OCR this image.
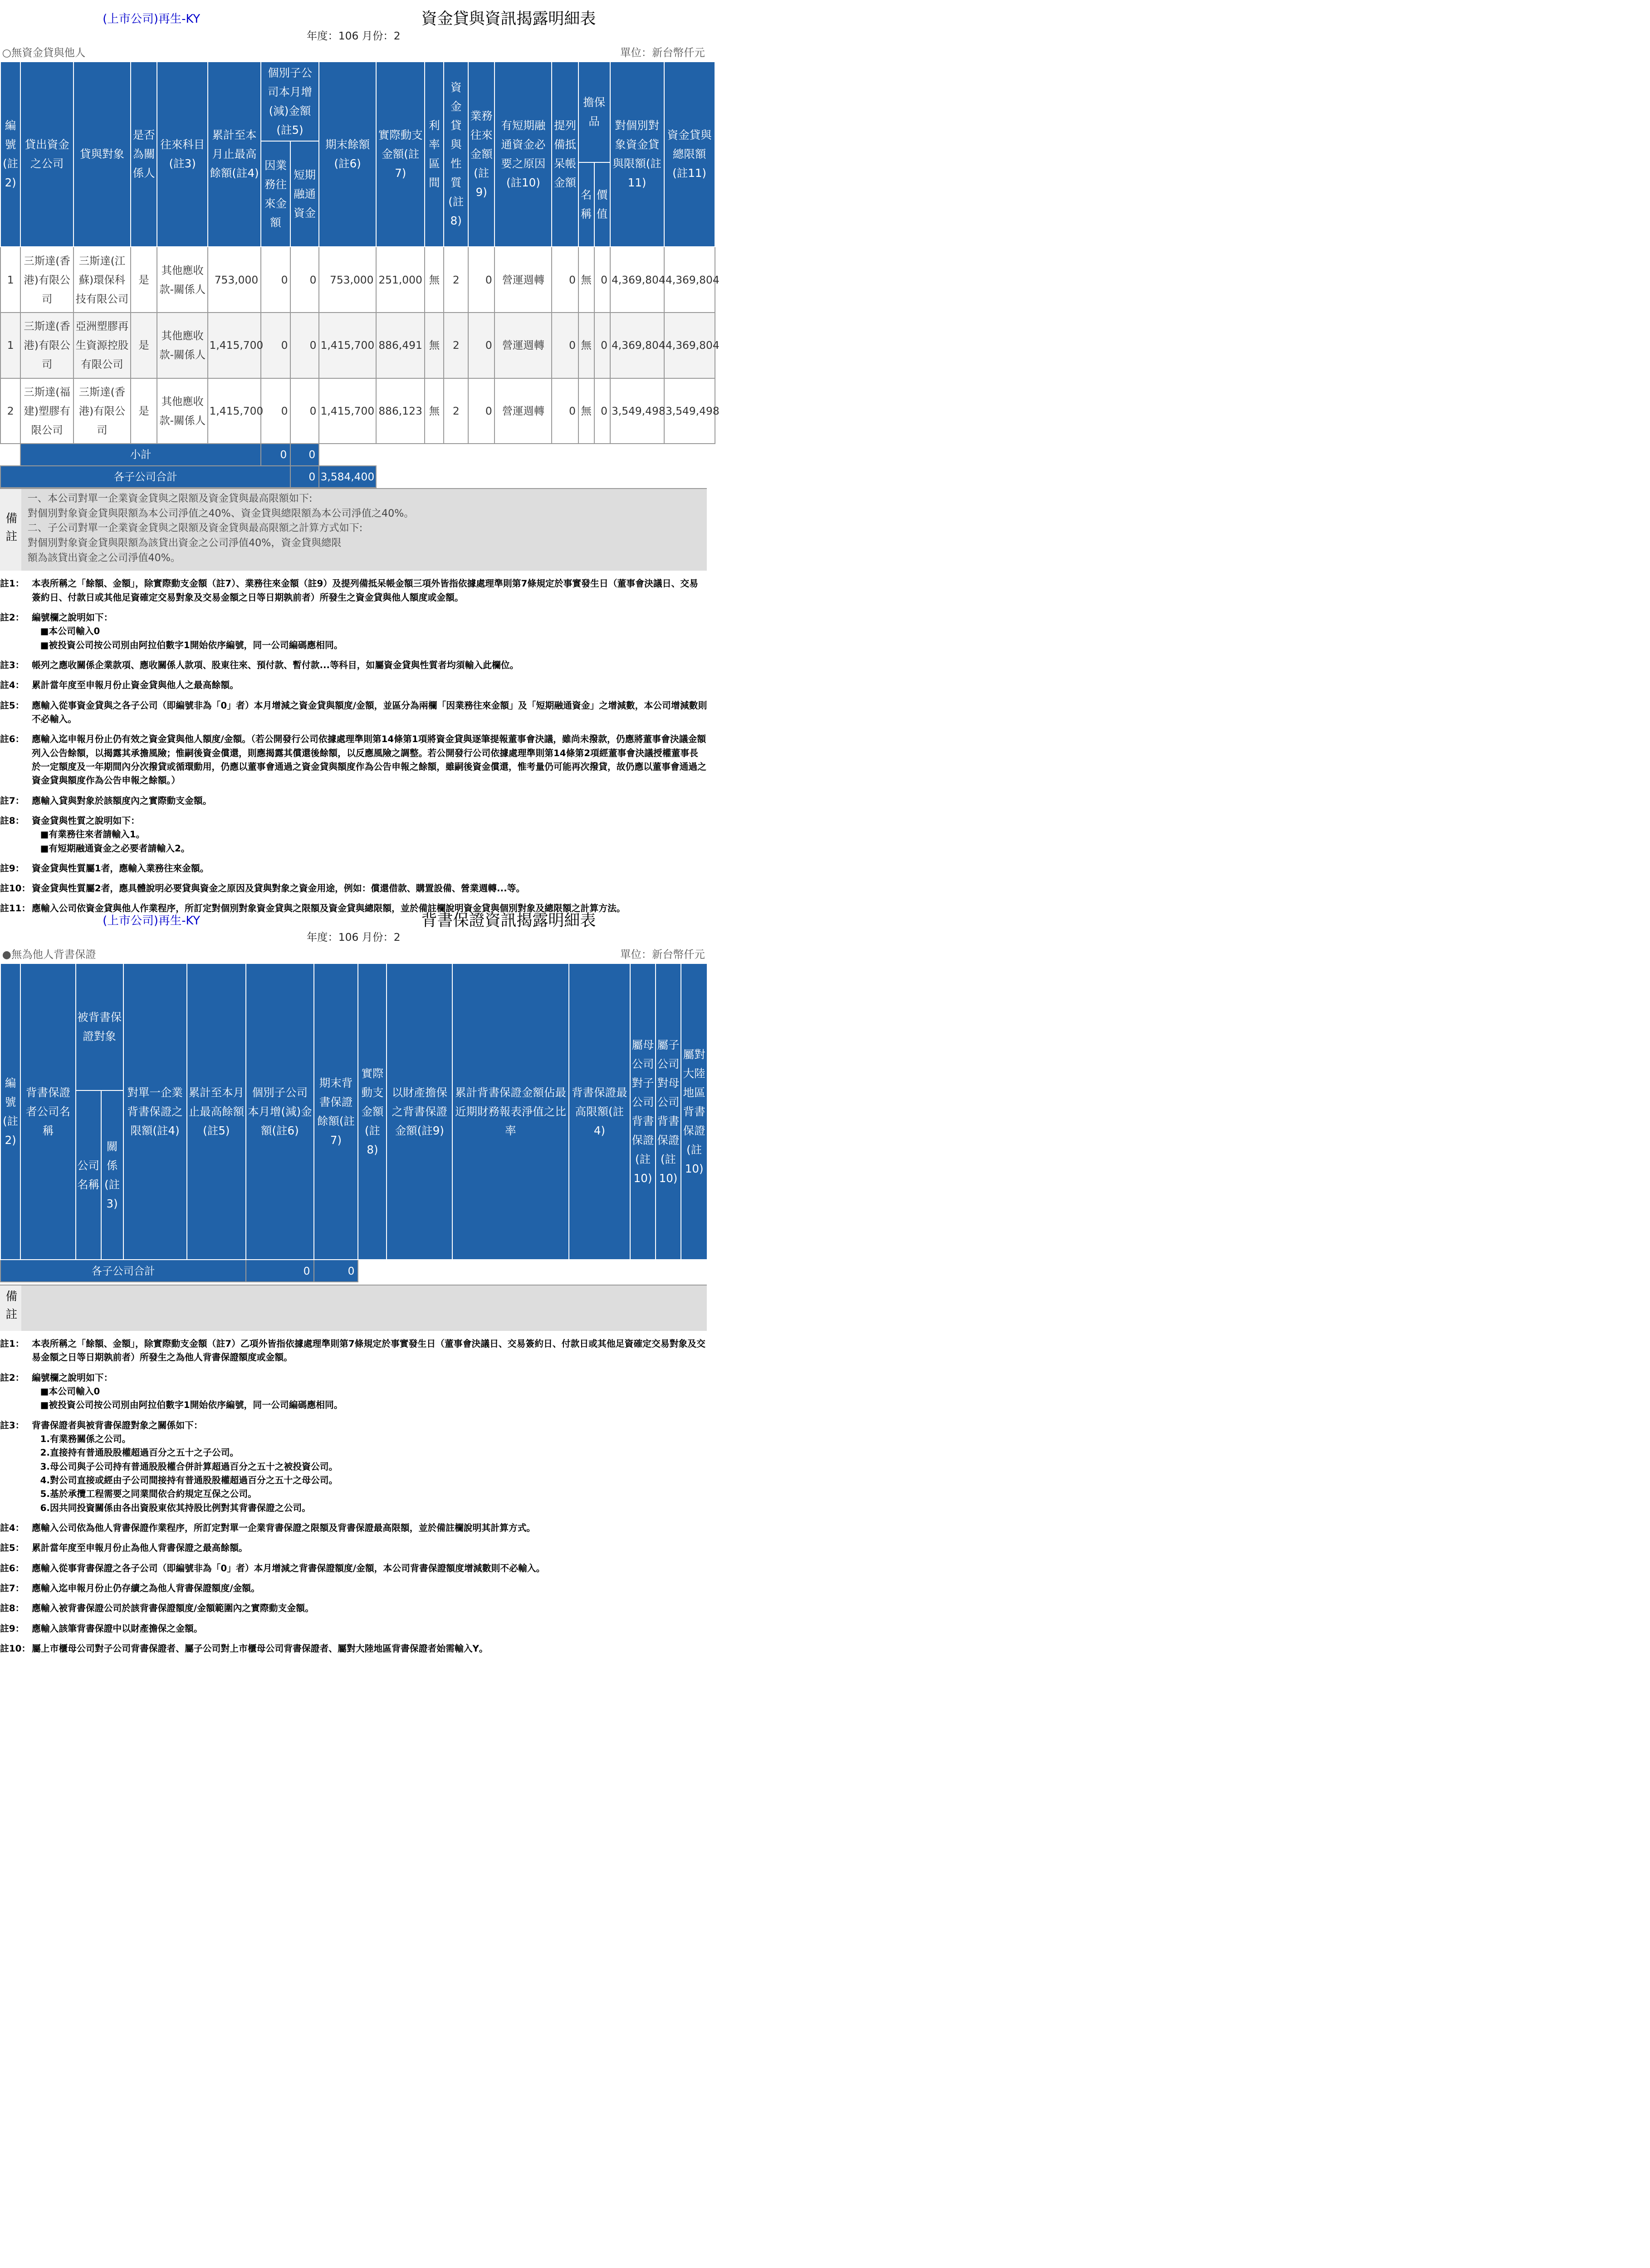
(上市公司)再生-KY	資金貸與資訊揭露明細表
年度：106 月份：2
○無資金貸與他人	單位：新台幣仟元
編號(註2)	貸出資金之公司	貸與對象	是否為關係人	往來科目(註3)	累計至本月止最高餘額(註4)	個別子公司本月增(減)金額(註5)		期末餘額(註6)	實際動支金額(註7)	利率區間	資金貸與性質(註8)	業務往來金額(註9)	有短期融通資金必要之原因(註10)	提列備抵呆帳金額	擔保品		對個別對象資金貸與限額(註11)	資金貸與總限額(註11)
						因業務往來金額	短期融通資金											
															名稱	價值		
1	三斯達(香港)有限公司	三斯達(江蘇)環保科技有限公司	是	其他應收款-關係人	753,000	0	0	753,000	251,000	無	2	0	營運週轉	0	無	0	4,369,804	4,369,804
1	三斯達(香港)有限公司	亞洲塑膠再生資源控股有限公司	是	其他應收款-關係人	1,415,700	0	0	1,415,700	886,491	無	2	0	營運週轉	0	無	0	4,369,804	4,369,804
2	三斯達(福建)塑膠有限公司	三斯達(香港)有限公司	是	其他應收款-關係人	1,415,700	0	0	1,415,700	886,123	無	2	0	營運週轉	0	無	0	3,549,498	3,549,498
	小計					0	0											
各子公司合計							0	3,584,400										
備註
一、本公司對單一企業資金貸與之限額及資金貸與最高限額如下:
對個別對象資金貸與限額為本公司淨值之40%、資金貸與總限額為本公司淨值之40%。
二、子公司對單一企業資金貸與之限額及資金貸與最高限額之計算方式如下:
對個別對象資金貸與限額為該貸出資金之公司淨值40%，資金貸與總限
額為該貸出資金之公司淨值40%。
註1：	本表所稱之「餘額、金額」，除實際動支金額（註7）、業務往來金額（註9）及提列備抵呆帳金額三項外皆指依據處理準則第7條規定於事實發生日（董事會決議日、交易簽約日、付款日或其他足資確定交易對象及交易金額之日等日期孰前者）所發生之資金貸與他人額度或金額。
註2：	編號欄之說明如下：
■本公司輸入0
■被投資公司按公司別由阿拉伯數字1開始依序編號，同一公司編碼應相同。
註3：	帳列之應收關係企業款項、應收關係人款項、股東往來、預付款、暫付款...等科目，如屬資金貸與性質者均須輸入此欄位。
註4：	累計當年度至申報月份止資金貸與他人之最高餘額。
註5：	應輸入從事資金貸與之各子公司（即編號非為「0」者）本月增減之資金貸與額度/金額，並區分為兩欄「因業務往來金額」及「短期融通資金」之增減數，本公司增減數則不必輸入。
註6：	應輸入迄申報月份止仍有效之資金貸與他人額度/金額。（若公開發行公司依據處理準則第14條第1項將資金貸與逐筆提報董事會決議，雖尚未撥款，仍應將董事會決議金額列入公告餘額，以揭露其承擔風險；惟嗣後資金償還，則應揭露其償還後餘額，以反應風險之調整。若公開發行公司依據處理準則第14條第2項經董事會決議授權董事長於一定額度及一年期間內分次撥貸或循環動用，仍應以董事會通過之資金貸與額度作為公告申報之餘額，雖嗣後資金償還，惟考量仍可能再次撥貸，故仍應以董事會通過之資金貸與額度作為公告申報之餘額。）
註7：	應輸入貸與對象於該額度內之實際動支金額。
註8：	資金貸與性質之說明如下：
■有業務往來者請輸入1。
■有短期融通資金之必要者請輸入2。
註9：	資金貸與性質屬1者，應輸入業務往來金額。
註10： 資金貸與性質屬2者，應具體說明必要貸與資金之原因及貸與對象之資金用途，例如：償還借款、購置設備、營業週轉...等。
註11： 應輸入公司依資金貸與他人作業程序，所訂定對個別對象資金貸與之限額及資金貸與總限額，並於備註欄說明資金貸與個別對象及總限額之計算方法。
(上市公司)再生-KY	背書保證資訊揭露明細表
年度：106 月份：2
●無為他人背書保證	單位：新台幣仟元
編號(註2)	背書保證者公司名稱	被背書保證對象		對單一企業背書保證之限額(註4)	累計至本月止最高餘額(註5)	個別子公司本月增(減)金額(註6)	期末背書保證餘額(註7)	實際動支金額(註8)	以財產擔保之背書保證金額(註9)	累計背書保證金額佔最近期財務報表淨值之比率	背書保證最高限額(註4)	屬母公司對子公司背書保證(註10)	屬子公司對母公司背書保證(註10)	屬對大陸地區背書保證(註10)
		公司名稱	關係(註3)											
各子公司合計						0	0							
備註
註1：	本表所稱之「餘額、金額」，除實際動支金額（註7）乙項外皆指依據處理準則第7條規定於事實發生日（董事會決議日、交易簽約日、付款日或其他足資確定交易對象及交易金額之日等日期孰前者）所發生之為他人背書保證額度或金額。
註2：	編號欄之說明如下：
■本公司輸入0
■被投資公司按公司別由阿拉伯數字1開始依序編號，同一公司編碼應相同。
註3：	背書保證者與被背書保證對象之關係如下：
1.有業務關係之公司。
2.直接持有普通股股權超過百分之五十之子公司。
3.母公司與子公司持有普通股股權合併計算超過百分之五十之被投資公司。
4.對公司直接或經由子公司間接持有普通股股權超過百分之五十之母公司。
5.基於承攬工程需要之同業間依合約規定互保之公司。
6.因共同投資關係由各出資股東依其持股比例對其背書保證之公司。
註4：	應輸入公司依為他人背書保證作業程序，所訂定對單一企業背書保證之限額及背書保證最高限額，並於備註欄說明其計算方式。
註5：	累計當年度至申報月份止為他人背書保證之最高餘額。
註6：	應輸入從事背書保證之各子公司（即編號非為「0」者）本月增減之背書保證額度/金額，本公司背書保證額度增減數則不必輸入。
註7：	應輸入迄申報月份止仍存續之為他人背書保證額度/金額。
註8：	應輸入被背書保證公司於該背書保證額度/金額範圍內之實際動支金額。
註9：	應輸入該筆背書保證中以財產擔保之金額。
註10： 屬上市櫃母公司對子公司背書保證者、屬子公司對上市櫃母公司背書保證者、屬對大陸地區背書保證者始需輸入Y。
